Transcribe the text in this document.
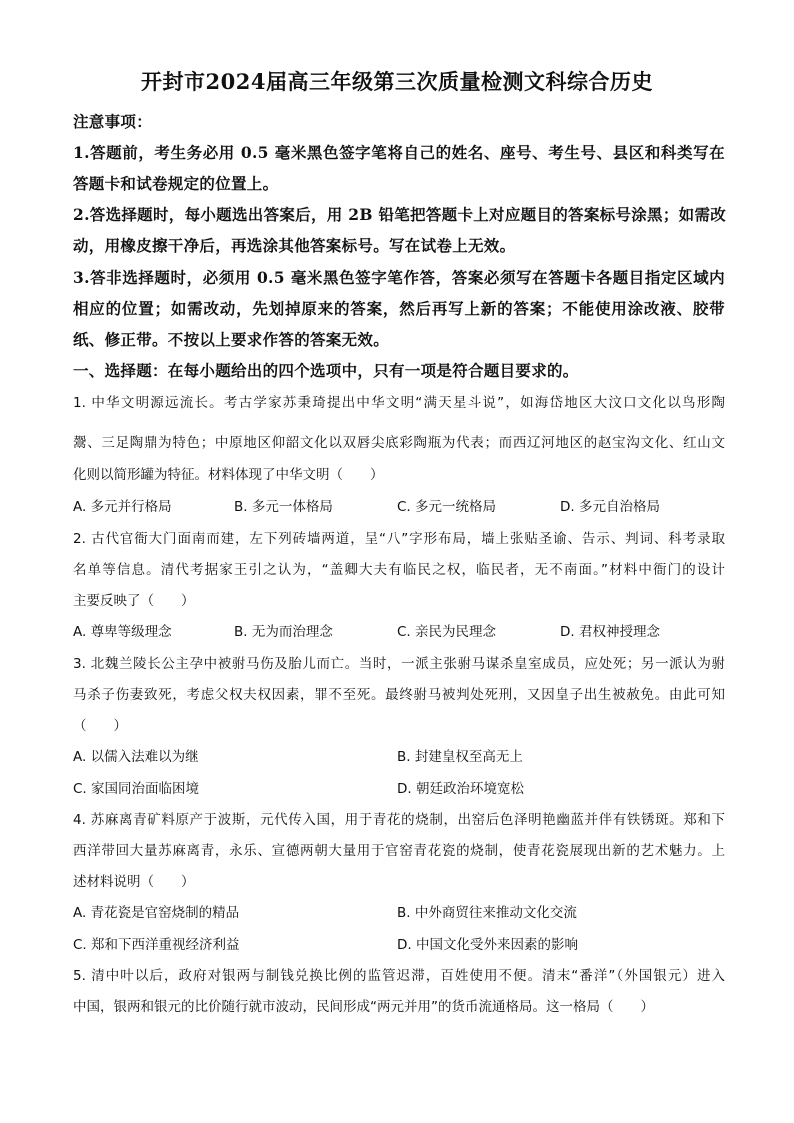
开封市2024届高三年级第三次质量检测文科综合历史
注意事项：
1.答题前，考生务必用 0.5 毫米黑色签字笔将自己的姓名、座号、考生号、县区和科类写在
答题卡和试卷规定的位置上。
2.答选择题时，每小题选出答案后，用 2B 铅笔把答题卡上对应题目的答案标号涂黑；如需改
动，用橡皮擦干净后，再选涂其他答案标号。写在试卷上无效。
3.答非选择题时，必须用 0.5 毫米黑色签字笔作答，答案必须写在答题卡各题目指定区域内
相应的位置；如需改动，先划掉原来的答案，然后再写上新的答案；不能使用涂改液、胶带
纸、修正带。不按以上要求作答的答案无效。
一、选择题：在每小题给出的四个选项中，只有一项是符合题目要求的。
1. 中华文明源远流长。考古学家苏秉琦提出中华文明“满天星斗说”，如海岱地区大汶口文化以鸟形陶
鬶、三足陶鼎为特色；中原地区仰韶文化以双唇尖底彩陶瓶为代表；而西辽河地区的赵宝沟文化、红山文
化则以简形罐为特征。材料体现了中华文明（　　）
A. 多元并行格局	B. 多元一体格局	C. 多元一统格局	D. 多元自治格局
2. 古代官衙大门面南而建，左下列砖墙两道，呈“八”字形布局，墙上张贴圣谕、告示、判词、科考录取
名单等信息。清代考据家王引之认为，“盖卿大夫有临民之权，临民者，无不南面。”材料中衙门的设计
主要反映了（　　）
A. 尊卑等级理念	B. 无为而治理念	C. 亲民为民理念	D. 君权神授理念
3. 北魏兰陵长公主孕中被驸马伤及胎儿而亡。当时，一派主张驸马谋杀皇室成员，应处死；另一派认为驸
马杀子伤妻致死，考虑父权夫权因素，罪不至死。最终驸马被判处死刑，又因皇子出生被赦免。由此可知
（　　）
A. 以儒入法难以为继	B. 封建皇权至高无上
C. 家国同治面临困境	D. 朝廷政治环境宽松
4. 苏麻离青矿料原产于波斯，元代传入国，用于青花的烧制，出窑后色泽明艳幽蓝并伴有铁锈斑。郑和下
西洋带回大量苏麻离青，永乐、宣德两朝大量用于官窑青花瓷的烧制，使青花瓷展现出新的艺术魅力。上
述材料说明（　　）
A. 青花瓷是官窑烧制的精品	B. 中外商贸往来推动文化交流
C. 郑和下西洋重视经济利益	D. 中国文化受外来因素的影响
5. 清中叶以后，政府对银两与制钱兑换比例的监管迟滞，百姓使用不便。清末“番洋”（外国银元）进入
中国，银两和银元的比价随行就市波动，民间形成“两元并用”的货币流通格局。这一格局（　　）
